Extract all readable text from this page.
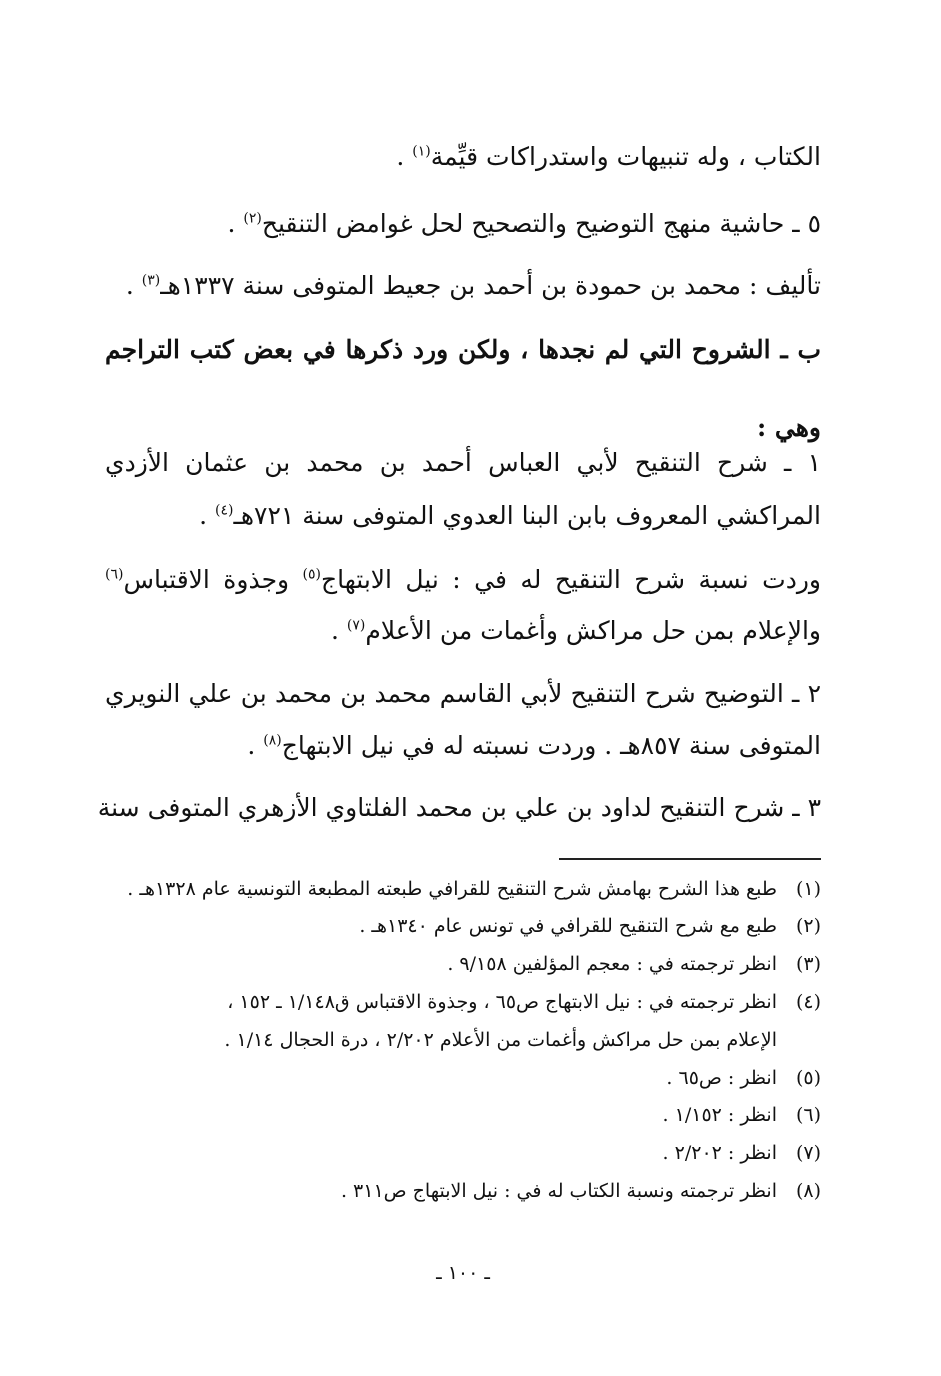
الكتاب ، وله تنبيهات واستدراكات قيِّمة$^{(١)}$ .
٥ ـ حاشية منهج التوضيح والتصحيح لحل غوامض التنقيح$^{(٢)}$ .
تأليف : محمد بن حمودة بن أحمد بن جعيط المتوفى سنة ١٣٣٧هـ$^{(٣)}$ .
ب ـ الشروح التي لم نجدها ، ولكن ورد ذكرها في بعض كتب التراجم
وهي :
١ ـ شرح التنقيح لأبي العباس أحمد بن محمد بن عثمان الأزدي
المراكشي المعروف بابن البنا العدوي المتوفى سنة ٧٢١هـ$^{(٤)}$ .
وردت نسبة شرح التنقيح له في : نيل الابتهاج$^{(٥)}$ وجذوة الاقتباس$^{(٦)}$
والإعلام بمن حل مراكش وأغمات من الأعلام$^{(٧)}$ .
٢ ـ التوضيح شرح التنقيح لأبي القاسم محمد بن محمد بن علي النويري
المتوفى سنة ٨٥٧هـ . وردت نسبته له في نيل الابتهاج$^{(٨)}$ .
٣ ـ شرح التنقيح لداود بن علي بن محمد الفلتاوي الأزهري المتوفى سنة
(١)طبع هذا الشرح بهامش شرح التنقيح للقرافي طبعته المطبعة التونسية عام ١٣٢٨هـ .
(٢)طبع مع شرح التنقيح للقرافي في تونس عام ١٣٤٠هـ .
(٣)انظر ترجمته في : معجم المؤلفين ٩/١٥٨ .
(٤)انظر ترجمته في : نيل الابتهاج ص٦٥ ، وجذوة الاقتباس ق١/١٤٨ ـ ١٥٢ ،
الإعلام بمن حل مراكش وأغمات من الأعلام ٢/٢٠٢ ، درة الحجال ١/١٤ .
(٥)انظر : ص٦٥ .
(٦)انظر : ١/١٥٢ .
(٧)انظر : ٢/٢٠٢ .
(٨)انظر ترجمته ونسبة الكتاب له في : نيل الابتهاج ص٣١١ .
ـ ١٠٠ ـ
